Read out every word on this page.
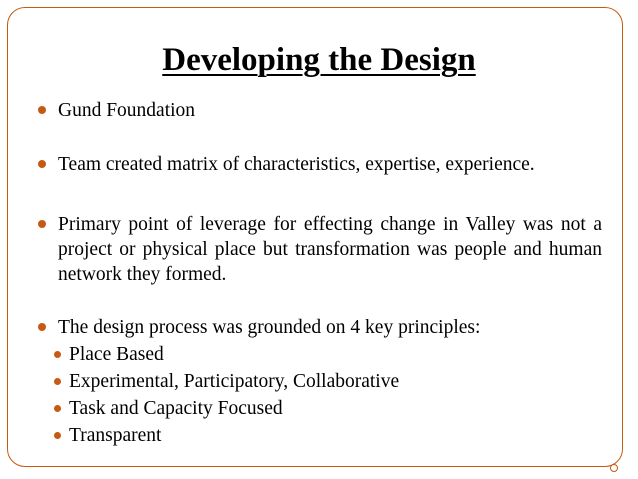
Developing the Design
Gund Foundation
Team created matrix of characteristics, expertise, experience.
Primary point of leverage for effecting change in Valley was not a project or physical place but transformation was people and human network they formed.
The design process was grounded on 4 key principles:
Place Based
Experimental, Participatory, Collaborative
Task and Capacity Focused
Transparent
